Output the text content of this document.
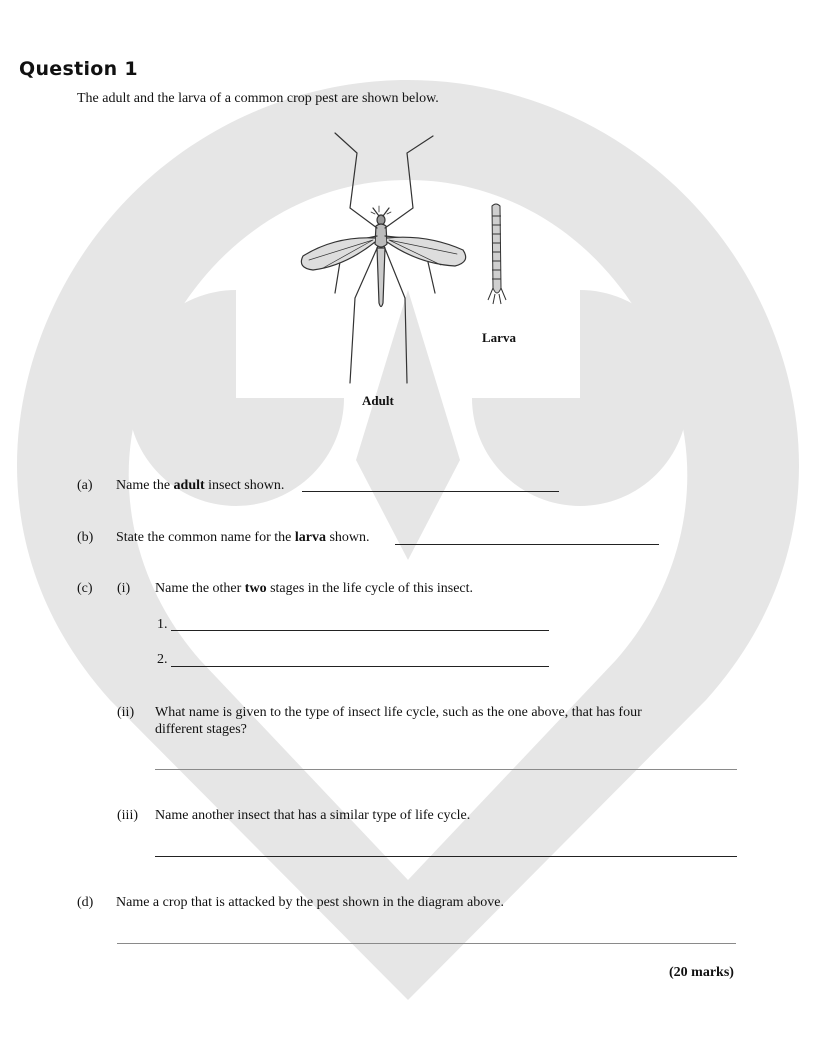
Question 1
The adult and the larva of a common crop pest are shown below.
Larva
Adult
(a) Name the adult insect shown.
(b) State the common name for the larva shown.
(c) (i) Name the other two stages in the life cycle of this insect.
1.
2.
(ii) What name is given to the type of insect life cycle, such as the one above, that has four
different stages?
(iii) Name another insect that has a similar type of life cycle.
(d) Name a crop that is attacked by the pest shown in the diagram above.
(20 marks)
